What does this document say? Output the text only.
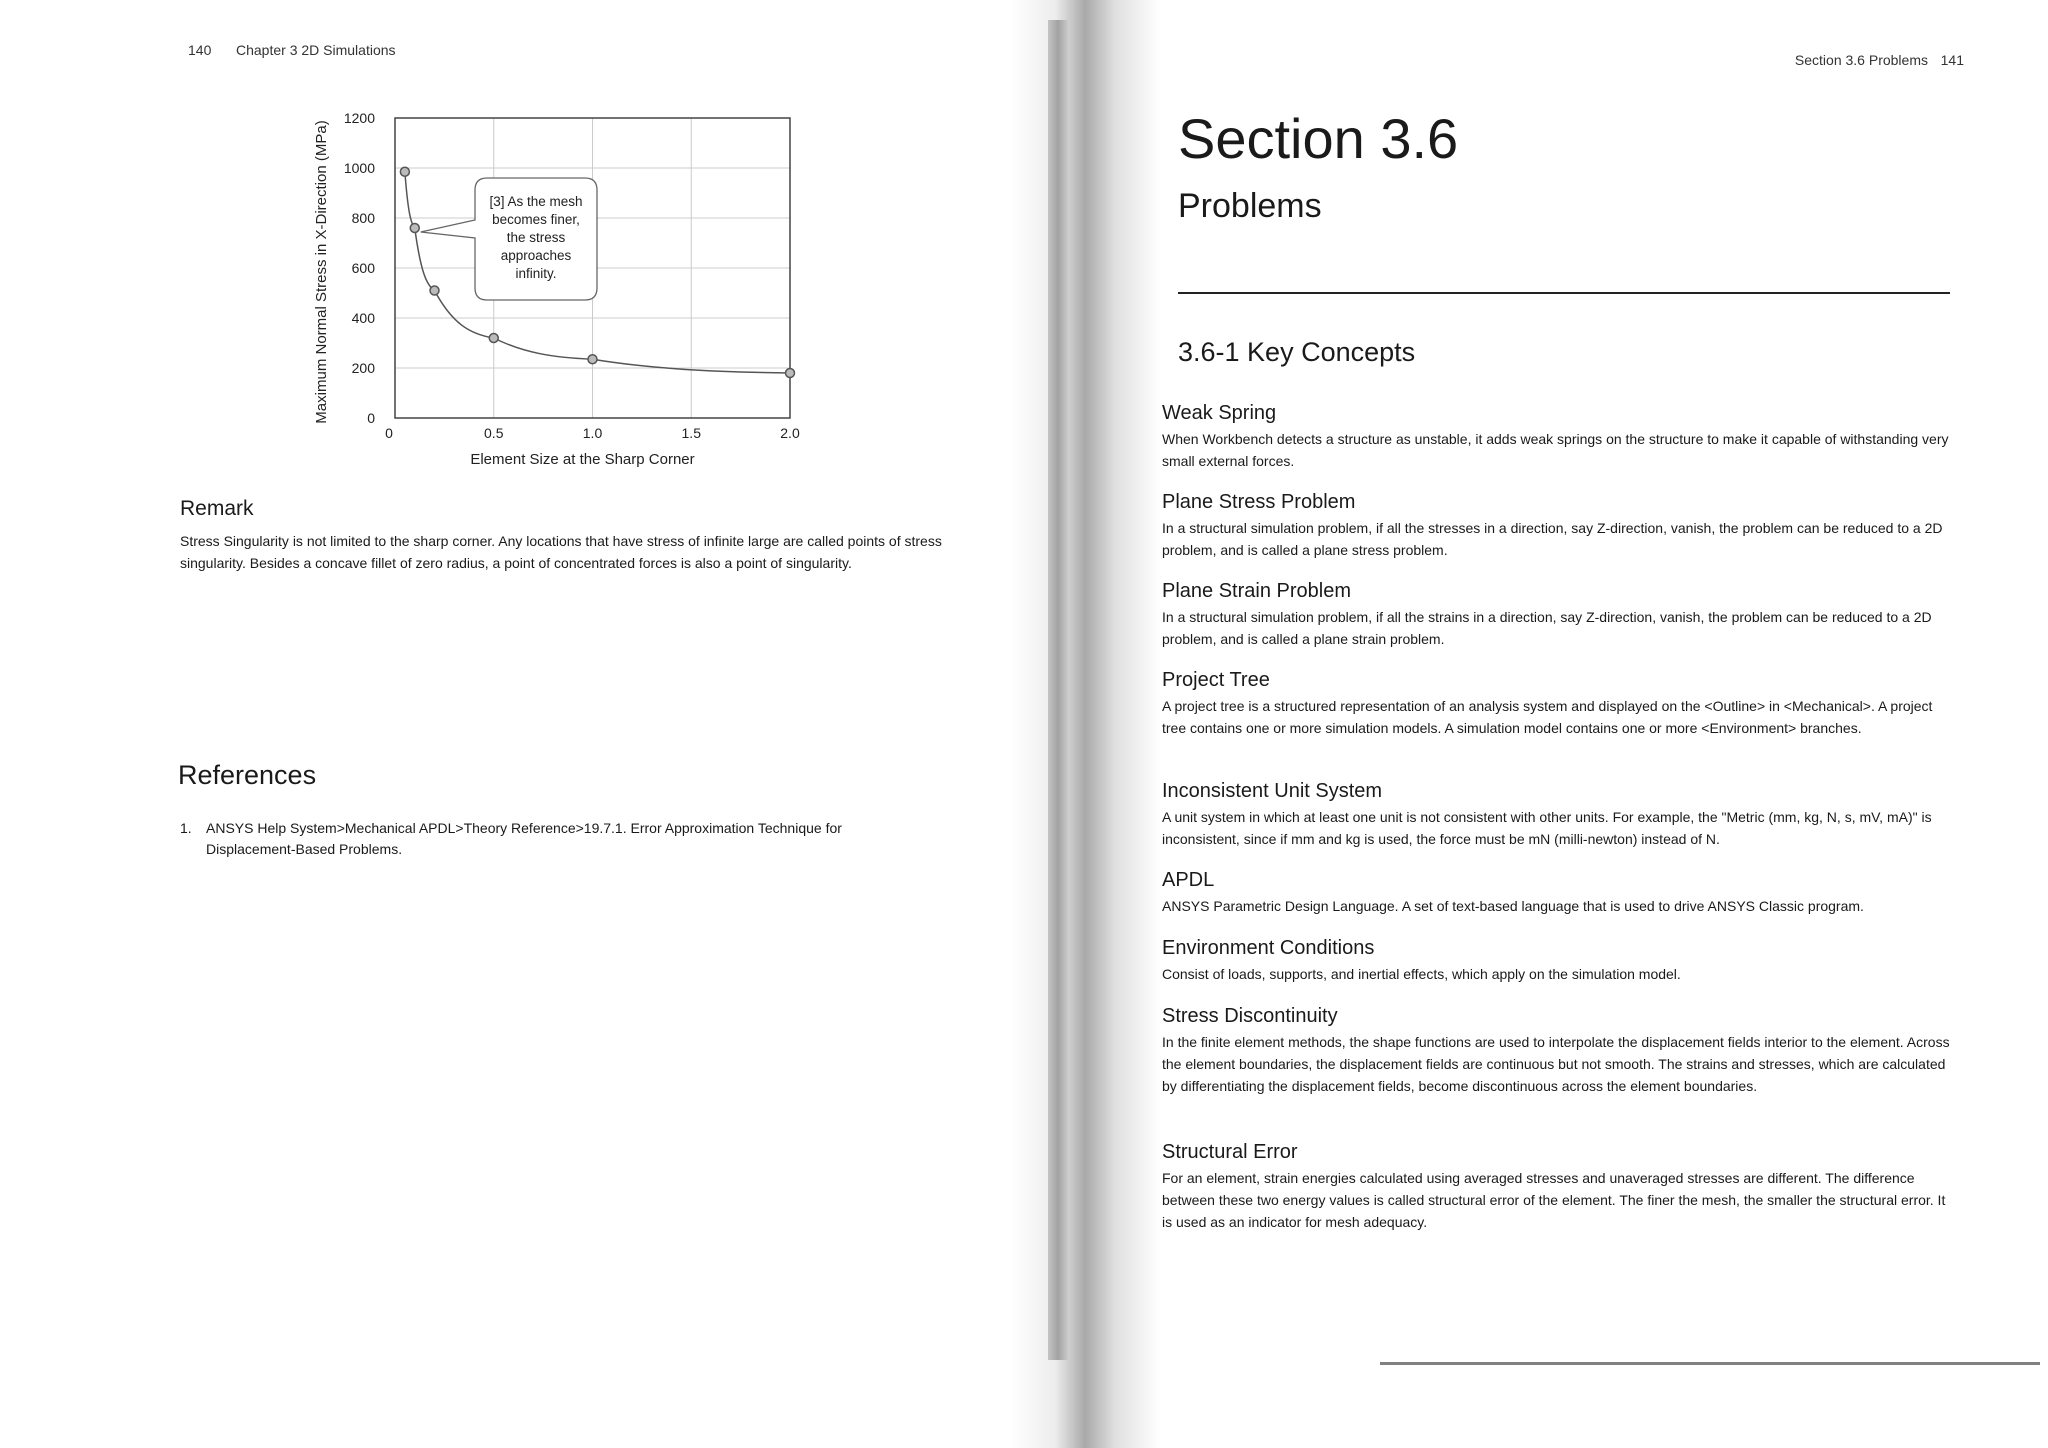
140 Chapter 3 2D Simulations
0
200
400
600
800
1000
1200
0	0.5	1.0	1.5	2.0
[3] As the mesh
becomes finer,
the stress
approaches
infinity.
Element Size at the Sharp Corner
Maximum Normal Stress in X-Direction (MPa)
Remark
Stress Singularity is not limited to the sharp corner. Any locations that have stress of infinite large are called points of stress singularity. Besides a concave fillet of zero radius, a point of concentrated forces is also a point of singularity.
References
1. ANSYS Help System>Mechanical APDL>Theory Reference>19.7.1. Error Approximation Technique for Displacement-Based Problems.
Section 3.6 Problems 141
Section 3.6
Problems
3.6-1 Key Concepts
Weak Spring
When Workbench detects a structure as unstable, it adds weak springs on the structure to make it capable of withstanding very small external forces.
Plane Stress Problem
In a structural simulation problem, if all the stresses in a direction, say Z-direction, vanish, the problem can be reduced to a 2D problem, and is called a plane stress problem.
Plane Strain Problem
In a structural simulation problem, if all the strains in a direction, say Z-direction, vanish, the problem can be reduced to a 2D problem, and is called a plane strain problem.
Project Tree
A project tree is a structured representation of an analysis system and displayed on the <Outline> in <Mechanical>. A project tree contains one or more simulation models. A simulation model contains one or more <Environment> branches.
Inconsistent Unit System
A unit system in which at least one unit is not consistent with other units. For example, the "Metric (mm, kg, N, s, mV, mA)" is inconsistent, since if mm and kg is used, the force must be mN (milli-newton) instead of N.
APDL
ANSYS Parametric Design Language. A set of text-based language that is used to drive ANSYS Classic program.
Environment Conditions
Consist of loads, supports, and inertial effects, which apply on the simulation model.
Stress Discontinuity
In the finite element methods, the shape functions are used to interpolate the displacement fields interior to the element. Across the element boundaries, the displacement fields are continuous but not smooth. The strains and stresses, which are calculated by differentiating the displacement fields, become discontinuous across the element boundaries.
Structural Error
For an element, strain energies calculated using averaged stresses and unaveraged stresses are different. The difference between these two energy values is called structural error of the element. The finer the mesh, the smaller the structural error. It is used as an indicator for mesh adequacy.
